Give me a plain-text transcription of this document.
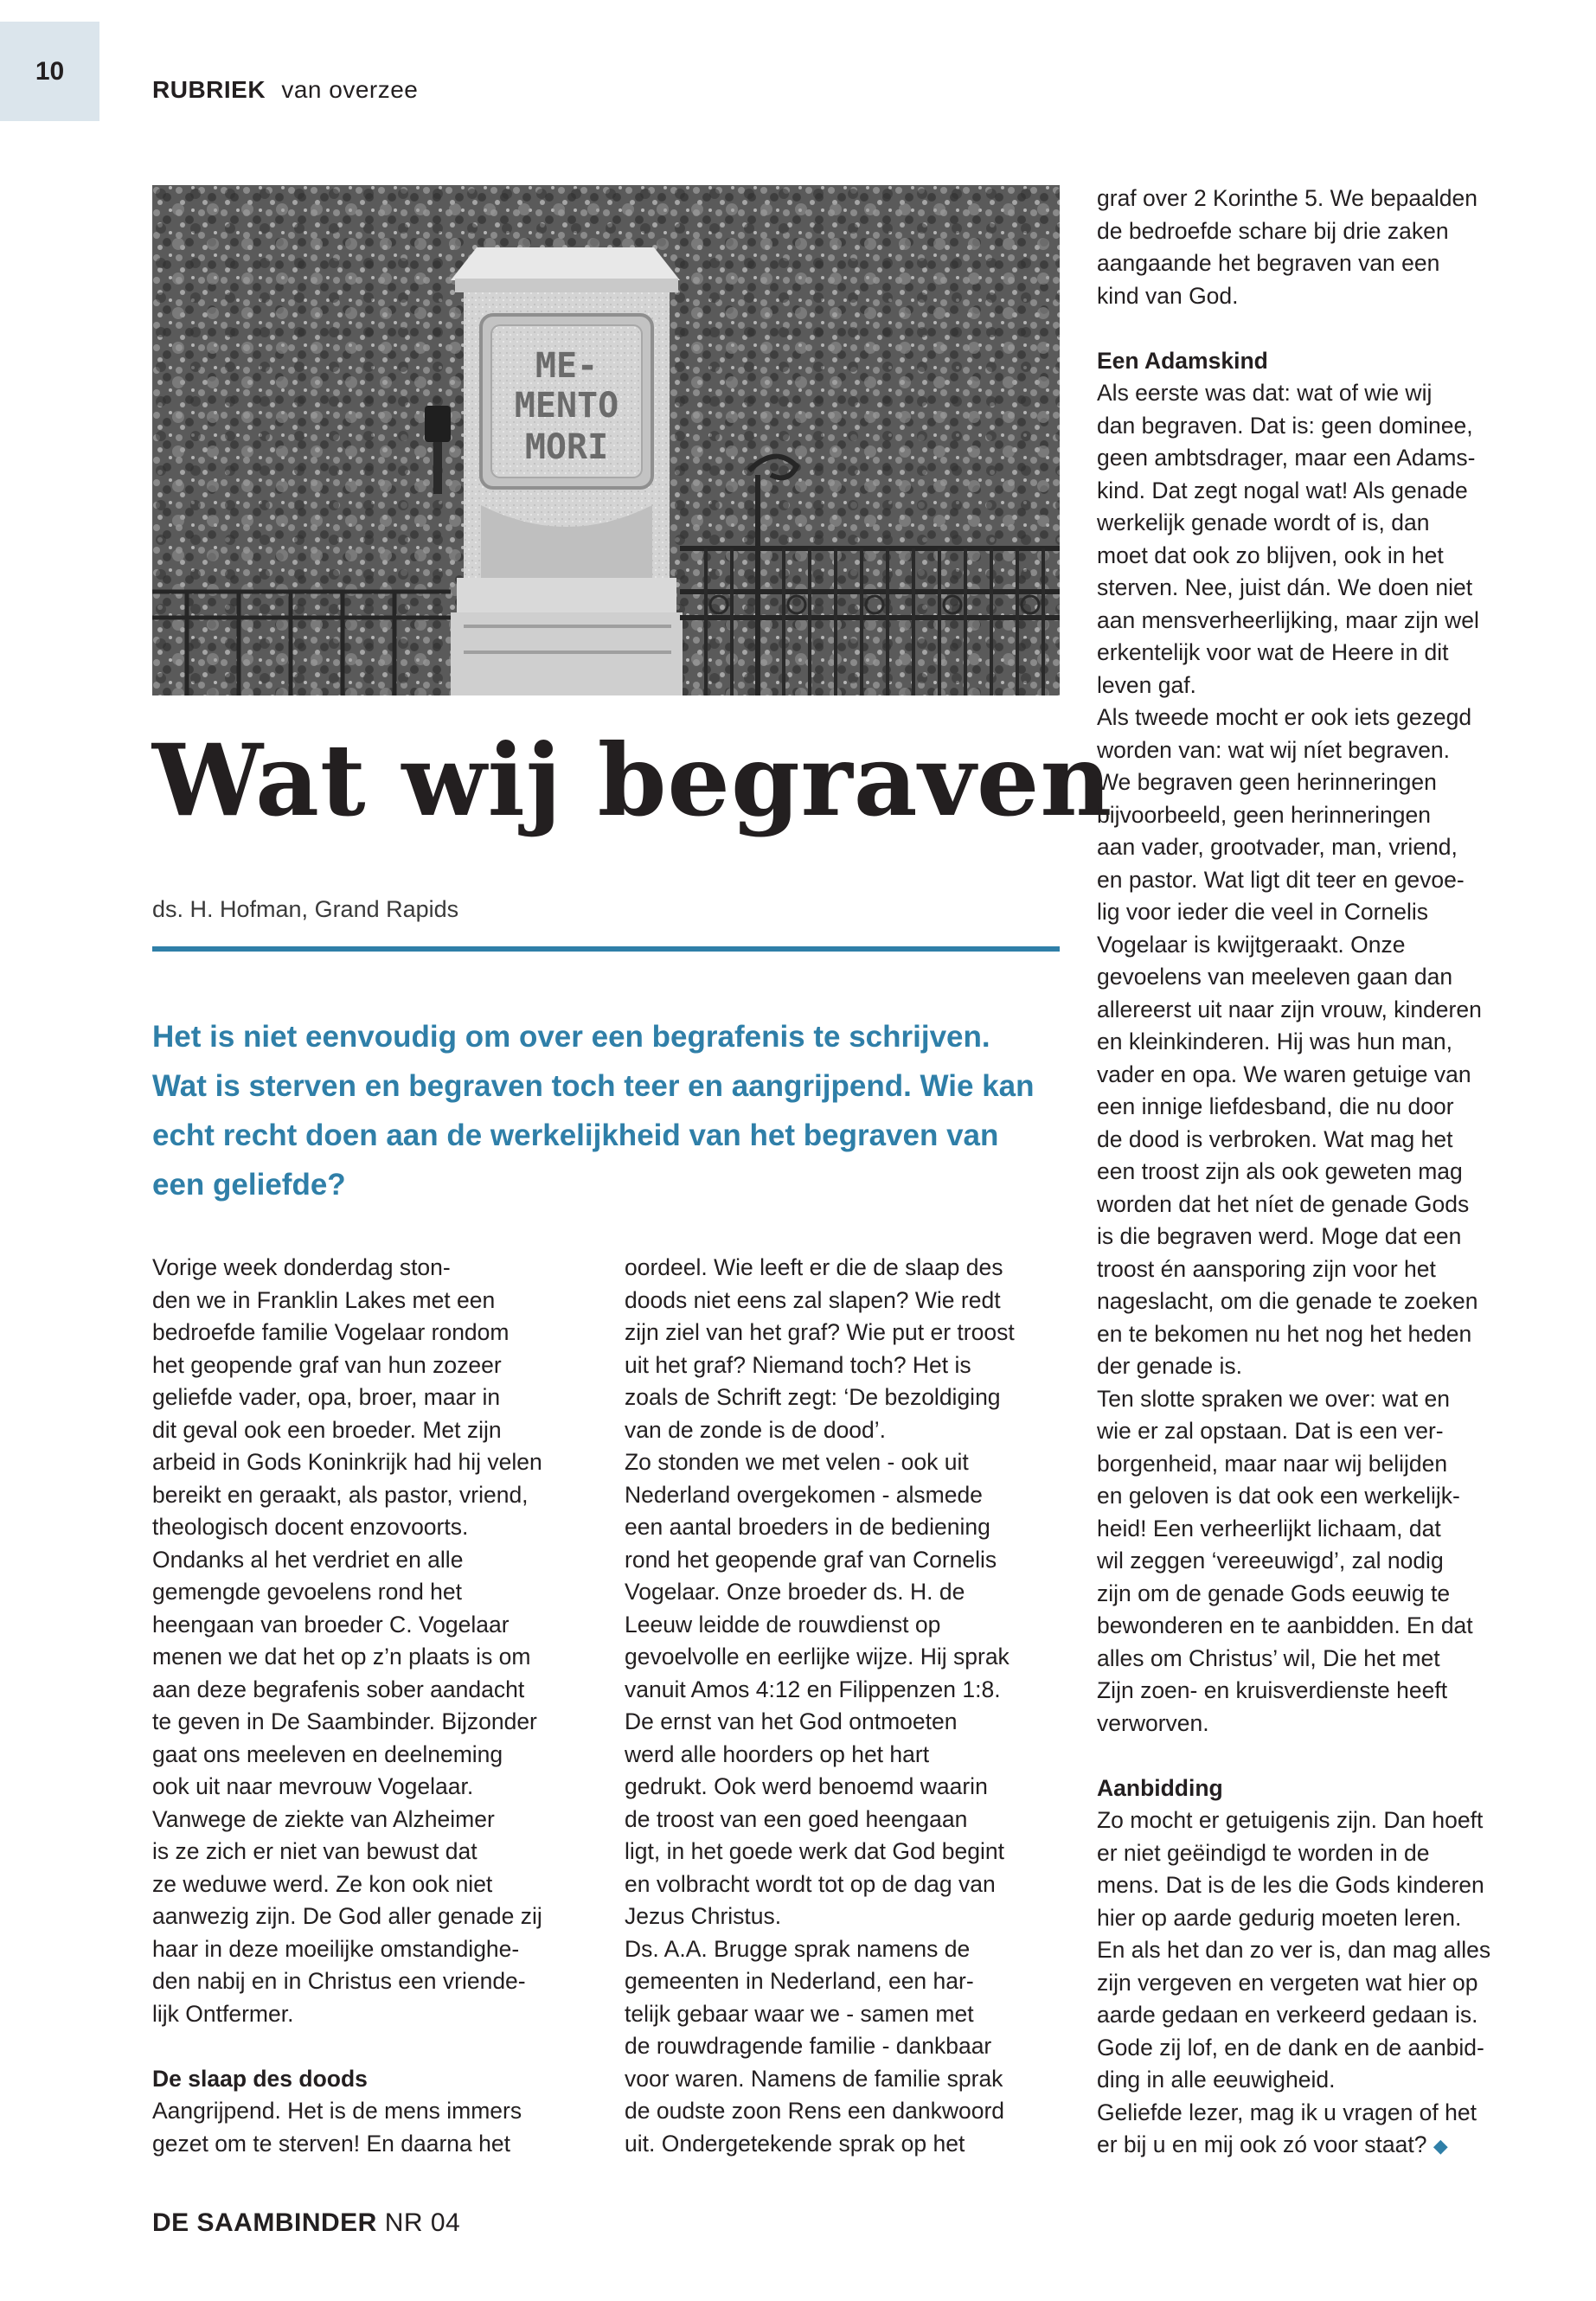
10
RUBRIEK van overzee
ME-
MENTO
MORI
Wat wij begraven
ds. H. Hofman, Grand Rapids

Het is niet eenvoudig om over een begrafenis te schrijven.
Wat is sterven en begraven toch teer en aangrijpend. Wie kan
echt recht doen aan de werkelijkheid van het begraven van
een geliefde?

Vorige week donderdag ston-

den we in Franklin Lakes met een

bedroefde familie Vogelaar rondom

het geopende graf van hun zozeer

geliefde vader, opa, broer, maar in

dit geval ook een broeder. Met zijn

arbeid in Gods Koninkrijk had hij velen

bereikt en geraakt, als pastor, vriend,

theologisch docent enzovoorts.

Ondanks al het verdriet en alle

gemengde gevoelens rond het

heengaan van broeder C. Vogelaar

menen we dat het op z’n plaats is om

aan deze begrafenis sober aandacht

te geven in De Saambinder. Bijzonder

gaat ons meeleven en deelneming

ook uit naar mevrouw Vogelaar.

Vanwege de ziekte van Alzheimer

is ze zich er niet van bewust dat

ze weduwe werd. Ze kon ook niet

aanwezig zijn. De God aller genade zij

haar in deze moeilijke omstandighe-

den nabij en in Christus een vriende-

lijk Ontfermer.

De slaap des doods

Aangrijpend. Het is de mens immers

gezet om te sterven! En daarna het

oordeel. Wie leeft er die de slaap des

doods niet eens zal slapen? Wie redt

zijn ziel van het graf? Wie put er troost

uit het graf? Niemand toch? Het is

zoals de Schrift zegt: ‘De bezoldiging

van de zonde is de dood’.

Zo stonden we met velen - ook uit

Nederland overgekomen - alsmede

een aantal broeders in de bediening

rond het geopende graf van Cornelis

Vogelaar. Onze broeder ds. H. de

Leeuw leidde de rouwdienst op

gevoelvolle en eerlijke wijze. Hij sprak

vanuit Amos 4:12 en Filippenzen 1:8.

De ernst van het God ontmoeten

werd alle hoorders op het hart

gedrukt. Ook werd benoemd waarin

de troost van een goed heengaan

ligt, in het goede werk dat God begint

en volbracht wordt tot op de dag van

Jezus Christus.

Ds. A.A. Brugge sprak namens de

gemeenten in Nederland, een har-

telijk gebaar waar we - samen met

de rouwdragende familie - dankbaar

voor waren. Namens de familie sprak

de oudste zoon Rens een dankwoord

uit. Ondergetekende sprak op het

graf over 2 Korinthe 5. We bepaalden

de bedroefde schare bij drie zaken

aangaande het begraven van een

kind van God.

Een Adamskind

Als eerste was dat: wat of wie wij

dan begraven. Dat is: geen dominee,

geen ambtsdrager, maar een Adams-

kind. Dat zegt nogal wat! Als genade

werkelijk genade wordt of is, dan

moet dat ook zo blijven, ook in het

sterven. Nee, juist dán. We doen niet

aan mensverheerlijking, maar zijn wel

erkentelijk voor wat de Heere in dit

leven gaf.

Als tweede mocht er ook iets gezegd

worden van: wat wij níet begraven.

We begraven geen herinneringen

bijvoorbeeld, geen herinneringen

aan vader, grootvader, man, vriend,

en pastor. Wat ligt dit teer en gevoe-

lig voor ieder die veel in Cornelis

Vogelaar is kwijtgeraakt. Onze

gevoelens van meeleven gaan dan

allereerst uit naar zijn vrouw, kinderen

en kleinkinderen. Hij was hun man,

vader en opa. We waren getuige van

een innige liefdesband, die nu door

de dood is verbroken. Wat mag het

een troost zijn als ook geweten mag

worden dat het níet de genade Gods

is die begraven werd. Moge dat een

troost én aansporing zijn voor het

nageslacht, om die genade te zoeken

en te bekomen nu het nog het heden

der genade is.

Ten slotte spraken we over: wat en

wie er zal opstaan. Dat is een ver-

borgenheid, maar naar wij belijden

en geloven is dat ook een werkelijk-

heid! Een verheerlijkt lichaam, dat

wil zeggen ‘vereeuwigd’, zal nodig

zijn om de genade Gods eeuwig te

bewonderen en te aanbidden. En dat

alles om Christus’ wil, Die het met

Zijn zoen- en kruisverdienste heeft

verworven.

Aanbidding

Zo mocht er getuigenis zijn. Dan hoeft

er niet geëindigd te worden in de

mens. Dat is de les die Gods kinderen

hier op aarde gedurig moeten leren.

En als het dan zo ver is, dan mag alles

zijn vergeven en vergeten wat hier op

aarde gedaan en verkeerd gedaan is.

Gode zij lof, en de dank en de aanbid-

ding in alle eeuwigheid.

Geliefde lezer, mag ik u vragen of het

er bij u en mij ook zó voor staat? ◆

DE SAAMBINDER NR 04
